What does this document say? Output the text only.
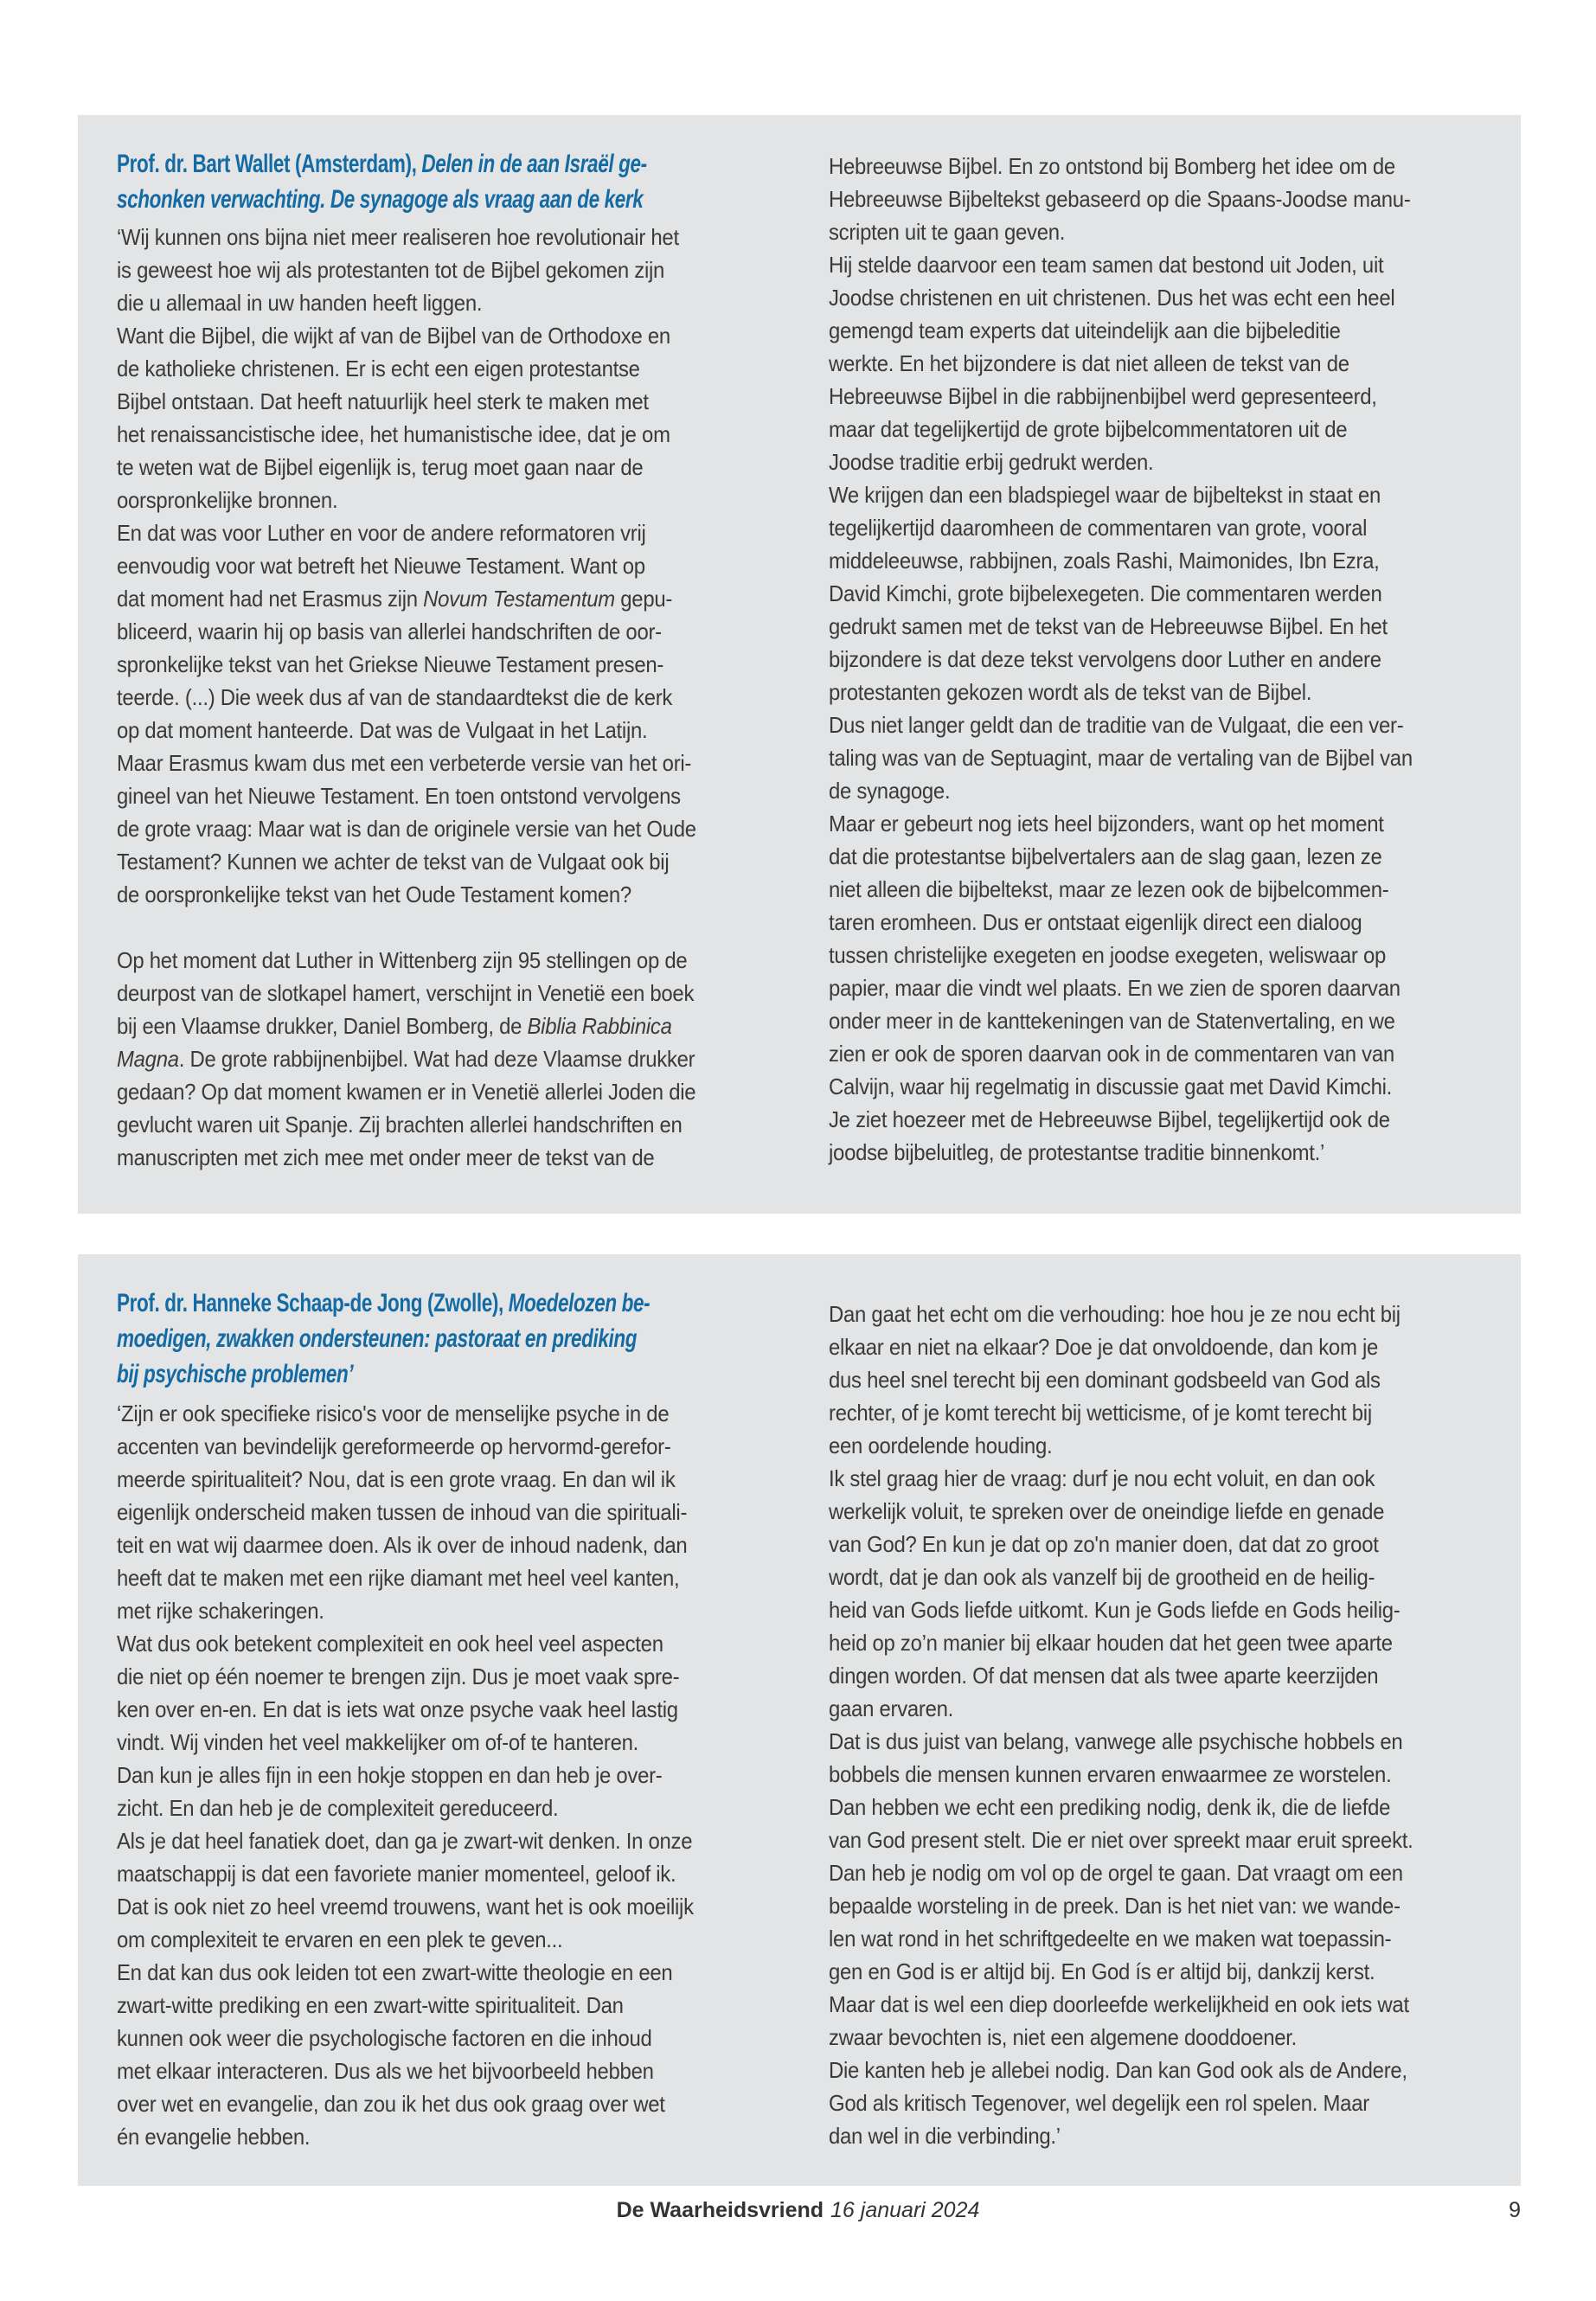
Prof. dr. Bart Wallet (Amsterdam), Delen in de aan Israël ge-
schonken verwachting. De synagoge als vraag aan de kerk
‘Wij kunnen ons bijna niet meer realiseren hoe revolutionair het
is geweest hoe wij als protestanten tot de Bijbel gekomen zijn
die u allemaal in uw handen heeft liggen.
Want die Bijbel, die wijkt af van de Bijbel van de Orthodoxe en
de katholieke christenen. Er is echt een eigen protestantse
Bijbel ontstaan. Dat heeft natuurlijk heel sterk te maken met
het renaissancistische idee, het humanistische idee, dat je om
te weten wat de Bijbel eigenlijk is, terug moet gaan naar de
oorspronkelijke bronnen.
En dat was voor Luther en voor de andere reformatoren vrij
eenvoudig voor wat betreft het Nieuwe Testament. Want op
dat moment had net Erasmus zijn Novum Testamentum gepu-
bliceerd, waarin hij op basis van allerlei handschriften de oor-
spronkelijke tekst van het Griekse Nieuwe Testament presen-
teerde. (...) Die week dus af van de standaardtekst die de kerk
op dat moment hanteerde. Dat was de Vulgaat in het Latijn.
Maar Erasmus kwam dus met een verbeterde versie van het ori-
gineel van het Nieuwe Testament. En toen ontstond vervolgens
de grote vraag: Maar wat is dan de originele versie van het Oude
Testament? Kunnen we achter de tekst van de Vulgaat ook bij
de oorspronkelijke tekst van het Oude Testament komen?

Op het moment dat Luther in Wittenberg zijn 95 stellingen op de
deurpost van de slotkapel hamert, verschijnt in Venetië een boek
bij een Vlaamse drukker, Daniel Bomberg, de Biblia Rabbinica
Magna. De grote rabbijnenbijbel. Wat had deze Vlaamse drukker
gedaan? Op dat moment kwamen er in Venetië allerlei Joden die
gevlucht waren uit Spanje. Zij brachten allerlei handschriften en
manuscripten met zich mee met onder meer de tekst van de
Hebreeuwse Bijbel. En zo ontstond bij Bomberg het idee om de
Hebreeuwse Bijbeltekst gebaseerd op die Spaans-Joodse manu-
scripten uit te gaan geven.
Hij stelde daarvoor een team samen dat bestond uit Joden, uit
Joodse christenen en uit christenen. Dus het was echt een heel
gemengd team experts dat uiteindelijk aan die bijbeleditie
werkte. En het bijzondere is dat niet alleen de tekst van de
Hebreeuwse Bijbel in die rabbijnenbijbel werd gepresenteerd,
maar dat tegelijkertijd de grote bijbelcommentatoren uit de
Joodse traditie erbij gedrukt werden.
We krijgen dan een bladspiegel waar de bijbeltekst in staat en
tegelijkertijd daaromheen de commentaren van grote, vooral
middeleeuwse, rabbijnen, zoals Rashi, Maimonides, Ibn Ezra,
David Kimchi, grote bijbelexegeten. Die commentaren werden
gedrukt samen met de tekst van de Hebreeuwse Bijbel. En het
bijzondere is dat deze tekst vervolgens door Luther en andere
protestanten gekozen wordt als de tekst van de Bijbel.
Dus niet langer geldt dan de traditie van de Vulgaat, die een ver-
taling was van de Septuagint, maar de vertaling van de Bijbel van
de synagoge.
Maar er gebeurt nog iets heel bijzonders, want op het moment
dat die protestantse bijbelvertalers aan de slag gaan, lezen ze
niet alleen die bijbeltekst, maar ze lezen ook de bijbelcommen-
taren eromheen. Dus er ontstaat eigenlijk direct een dialoog
tussen christelijke exegeten en joodse exegeten, weliswaar op
papier, maar die vindt wel plaats. En we zien de sporen daarvan
onder meer in de kanttekeningen van de Statenvertaling, en we
zien er ook de sporen daarvan ook in de commentaren van van
Calvijn, waar hij regelmatig in discussie gaat met David Kimchi.
Je ziet hoezeer met de Hebreeuwse Bijbel, tegelijkertijd ook de
joodse bijbeluitleg, de protestantse traditie binnenkomt.’
Prof. dr. Hanneke Schaap-de Jong (Zwolle), Moedelozen be-
moedigen, zwakken ondersteunen: pastoraat en prediking
bij psychische problemen’
‘Zijn er ook specifieke risico's voor de menselijke psyche in de
accenten van bevindelijk gereformeerde op hervormd-gerefor-
meerde spiritualiteit? Nou, dat is een grote vraag. En dan wil ik
eigenlijk onderscheid maken tussen de inhoud van die spirituali-
teit en wat wij daarmee doen. Als ik over de inhoud nadenk, dan
heeft dat te maken met een rijke diamant met heel veel kanten,
met rijke schakeringen.
Wat dus ook betekent complexiteit en ook heel veel aspecten
die niet op één noemer te brengen zijn. Dus je moet vaak spre-
ken over en-en. En dat is iets wat onze psyche vaak heel lastig
vindt. Wij vinden het veel makkelijker om of-of te hanteren.
Dan kun je alles fijn in een hokje stoppen en dan heb je over-
zicht. En dan heb je de complexiteit gereduceerd.
Als je dat heel fanatiek doet, dan ga je zwart-wit denken. In onze
maatschappij is dat een favoriete manier momenteel, geloof ik.
Dat is ook niet zo heel vreemd trouwens, want het is ook moeilijk
om complexiteit te ervaren en een plek te geven...
En dat kan dus ook leiden tot een zwart-witte theologie en een
zwart-witte prediking en een zwart-witte spiritualiteit. Dan
kunnen ook weer die psychologische factoren en die inhoud
met elkaar interacteren. Dus als we het bijvoorbeeld hebben
over wet en evangelie, dan zou ik het dus ook graag over wet
én evangelie hebben.
Dan gaat het echt om die verhouding: hoe hou je ze nou echt bij
elkaar en niet na elkaar? Doe je dat onvoldoende, dan kom je
dus heel snel terecht bij een dominant godsbeeld van God als
rechter, of je komt terecht bij wetticisme, of je komt terecht bij
een oordelende houding.
Ik stel graag hier de vraag: durf je nou echt voluit, en dan ook
werkelijk voluit, te spreken over de oneindige liefde en genade
van God? En kun je dat op zo'n manier doen, dat dat zo groot
wordt, dat je dan ook als vanzelf bij de grootheid en de heilig-
heid van Gods liefde uitkomt. Kun je Gods liefde en Gods heilig-
heid op zo’n manier bij elkaar houden dat het geen twee aparte
dingen worden. Of dat mensen dat als twee aparte keerzijden
gaan ervaren.
Dat is dus juist van belang, vanwege alle psychische hobbels en
bobbels die mensen kunnen ervaren enwaarmee ze worstelen.
Dan hebben we echt een prediking nodig, denk ik, die de liefde
van God present stelt. Die er niet over spreekt maar eruit spreekt.
Dan heb je nodig om vol op de orgel te gaan. Dat vraagt om een
bepaalde worsteling in de preek. Dan is het niet van: we wande-
len wat rond in het schriftgedeelte en we maken wat toepassin-
gen en God is er altijd bij. En God ís er altijd bij, dankzij kerst.
Maar dat is wel een diep doorleefde werkelijkheid en ook iets wat
zwaar bevochten is, niet een algemene dooddoener.
Die kanten heb je allebei nodig. Dan kan God ook als de Andere,
God als kritisch Tegenover, wel degelijk een rol spelen. Maar
dan wel in die verbinding.’
De Waarheidsvriend 16 januari 2024	9
